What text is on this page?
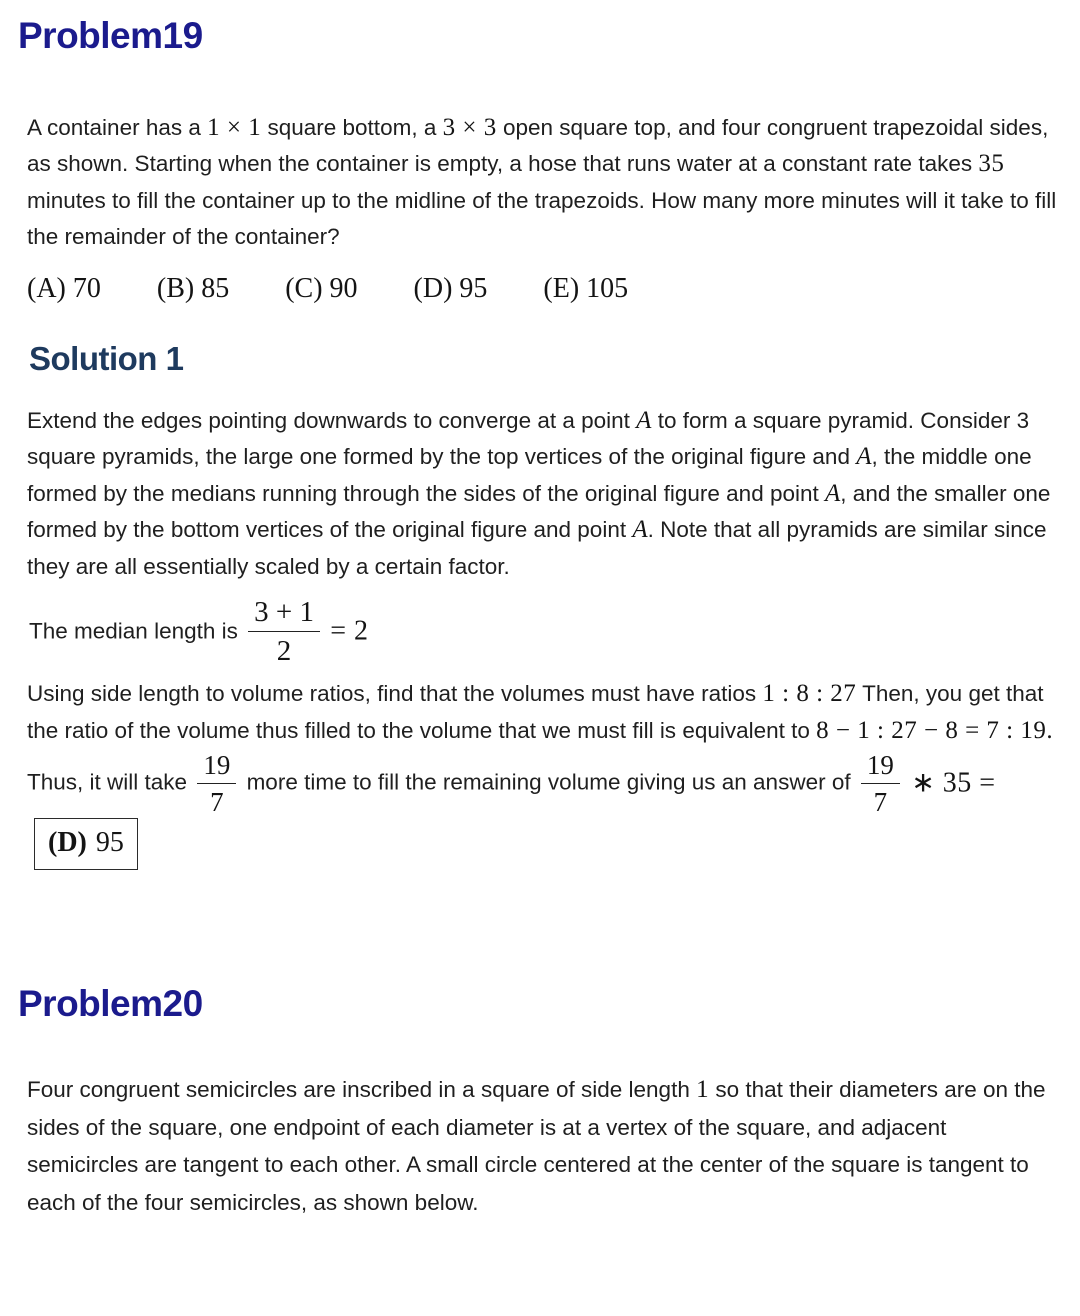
Problem19

A container has a 1 × 1 square bottom, a 3 × 3 open square top, and four congruent trapezoidal sides, as shown. Starting when the container is empty, a hose that runs water at a constant rate takes 35 minutes to fill the container up to the midline of the trapezoids. How many more minutes will it take to fill the remainder of the container?

(A) 70 (B) 85 (C) 90 (D) 95 (E) 105
Solution 1

Extend the edges pointing downwards to converge at a point A to form a square pyramid. Consider 3 square pyramids, the large one formed by the top vertices of the original figure and A, the middle one formed by the medians running through the sides of the original figure and point A, and the smaller one formed by the bottom vertices of the original figure and point A. Note that all pyramids are similar since they are all essentially scaled by a certain factor.

The median length is $\frac{3 + 1}{2} = 2$

Using side length to volume ratios, find that the volumes must have ratios 1 : 8 : 27 Then, you get that the ratio of the volume thus filled to the volume that we must fill is equivalent to 8 − 1 : 27 − 8 = 7 : 19. Thus, it will take $\frac{19}{7}$ more time to fill the remaining volume giving us an answer of $\frac{19}{7}$ ∗ 35 = (D) 95

Problem20

Four congruent semicircles are inscribed in a square of side length 1 so that their diameters are on the sides of the square, one endpoint of each diameter is at a vertex of the square, and adjacent semicircles are tangent to each other. A small circle centered at the center of the square is tangent to each of the four semicircles, as shown below.
